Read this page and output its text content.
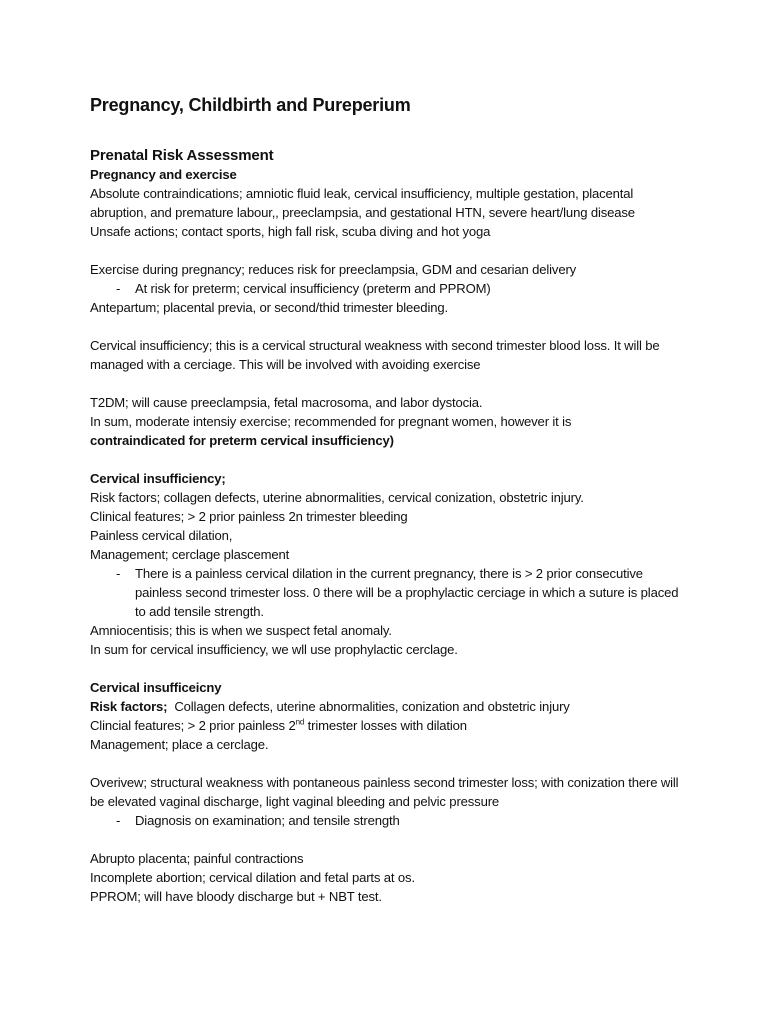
Pregnancy, Childbirth and Pureperium

Prenatal Risk Assessment

Pregnancy and exercise

Absolute contraindications; amniotic fluid leak, cervical insufficiency, multiple gestation, placental abruption, and premature labour,, preeclampsia, and gestational HTN, severe heart/lung disease

Unsafe actions; contact sports, high fall risk, scuba diving and hot yoga

Exercise during pregnancy; reduces risk for preeclampsia, GDM and cesarian delivery

- At risk for preterm; cervical insufficiency (preterm and PPROM)

Antepartum; placental previa, or second/thid trimester bleeding.

Cervical insufficiency; this is a cervical structural weakness with second trimester blood loss. It will be managed with a cerciage. This will be involved with avoiding exercise

T2DM; will cause preeclampsia, fetal macrosoma, and labor dystocia.

In sum, moderate intensiy exercise; recommended for pregnant women, however it is

contraindicated for preterm cervical insufficiency)

Cervical insufficiency;

Risk factors; collagen defects, uterine abnormalities, cervical conization, obstetric injury.

Clinical features; > 2 prior painless 2n trimester bleeding

Painless cervical dilation,

Management; cerclage plascement

- There is a painless cervical dilation in the current pregnancy, there is > 2 prior consecutive painless second trimester loss. 0 there will be a prophylactic cerciage in which a suture is placed to add tensile strength.

Amniocentisis; this is when we suspect fetal anomaly.

In sum for cervical insufficiency, we wll use prophylactic cerclage.

Cervical insufficeicny

Risk factors; Collagen defects, uterine abnormalities, conization and obstetric injury

Clincial features; > 2 prior painless 2nd trimester losses with dilation

Management; place a cerclage.

Overivew; structural weakness with pontaneous painless second trimester loss; with conization there will be elevated vaginal discharge, light vaginal bleeding and pelvic pressure

- Diagnosis on examination; and tensile strength

Abrupto placenta; painful contractions

Incomplete abortion; cervical dilation and fetal parts at os.

PPROM; will have bloody discharge but + NBT test.
